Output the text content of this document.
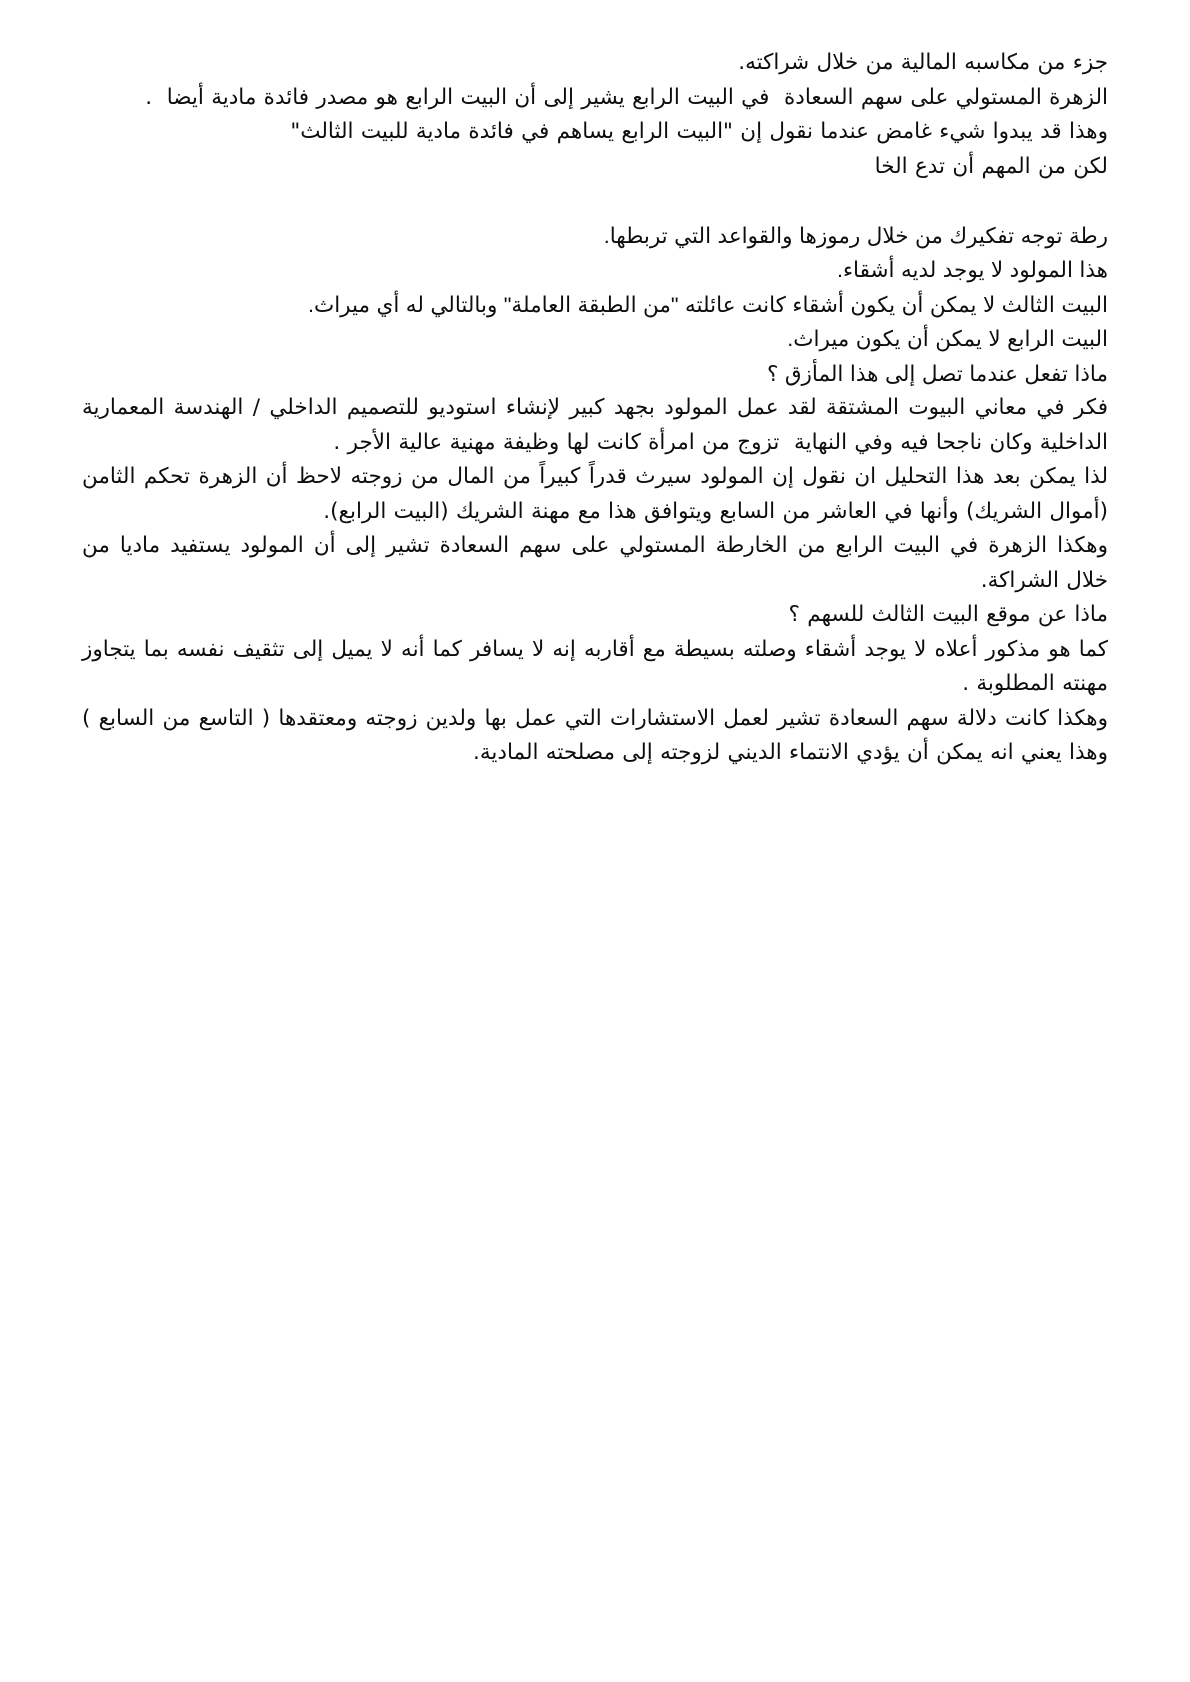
جزء من مكاسبه المالية من خلال شراكته.

الزهرة المستولي على سهم السعادة  في البيت الرابع يشير إلى أن البيت الرابع هو مصدر فائدة مادية أيضا  .

وهذا قد يبدوا شيء غامض عندما نقول إن "البيت الرابع يساهم في فائدة مادية للبيت الثالث"

لكن من المهم أن تدع الخا

رطة توجه تفكيرك من خلال رموزها والقواعد التي تربطها.

هذا المولود لا يوجد لديه أشقاء.

البيت الثالث لا يمكن أن يكون أشقاء كانت عائلته "من الطبقة العاملة" وبالتالي له أي ميراث.

البيت الرابع لا يمكن أن يكون ميراث.

ماذا تفعل عندما تصل إلى هذا المأزق ؟

فكر في معاني البيوت المشتقة لقد عمل المولود بجهد كبير لإنشاء استوديو للتصميم الداخلي / الهندسة المعمارية الداخلية وكان ناجحا فيه وفي النهاية  تزوج من امرأة كانت لها وظيفة مهنية عالية الأجر .

لذا يمكن بعد هذا التحليل ان نقول إن المولود سيرث قدراً كبيراً من المال من زوجته لاحظ أن الزهرة تحكم الثامن (أموال الشريك) وأنها في العاشر من السابع ويتوافق هذا مع مهنة الشريك (البيت الرابع).

وهكذا الزهرة في البيت الرابع من الخارطة المستولي على سهم السعادة تشير إلى أن المولود يستفيد ماديا من خلال الشراكة.

ماذا عن موقع البيت الثالث للسهم ؟

كما هو مذكور أعلاه لا يوجد أشقاء وصلته بسيطة مع أقاربه إنه لا يسافر كما أنه لا يميل إلى تثقيف نفسه بما يتجاوز مهنته المطلوبة .

وهكذا كانت دلالة سهم السعادة تشير لعمل الاستشارات التي عمل بها ولدين زوجته ومعتقدها ( التاسع من السابع ) وهذا يعني انه يمكن أن يؤدي الانتماء الديني لزوجته إلى مصلحته المادية.
